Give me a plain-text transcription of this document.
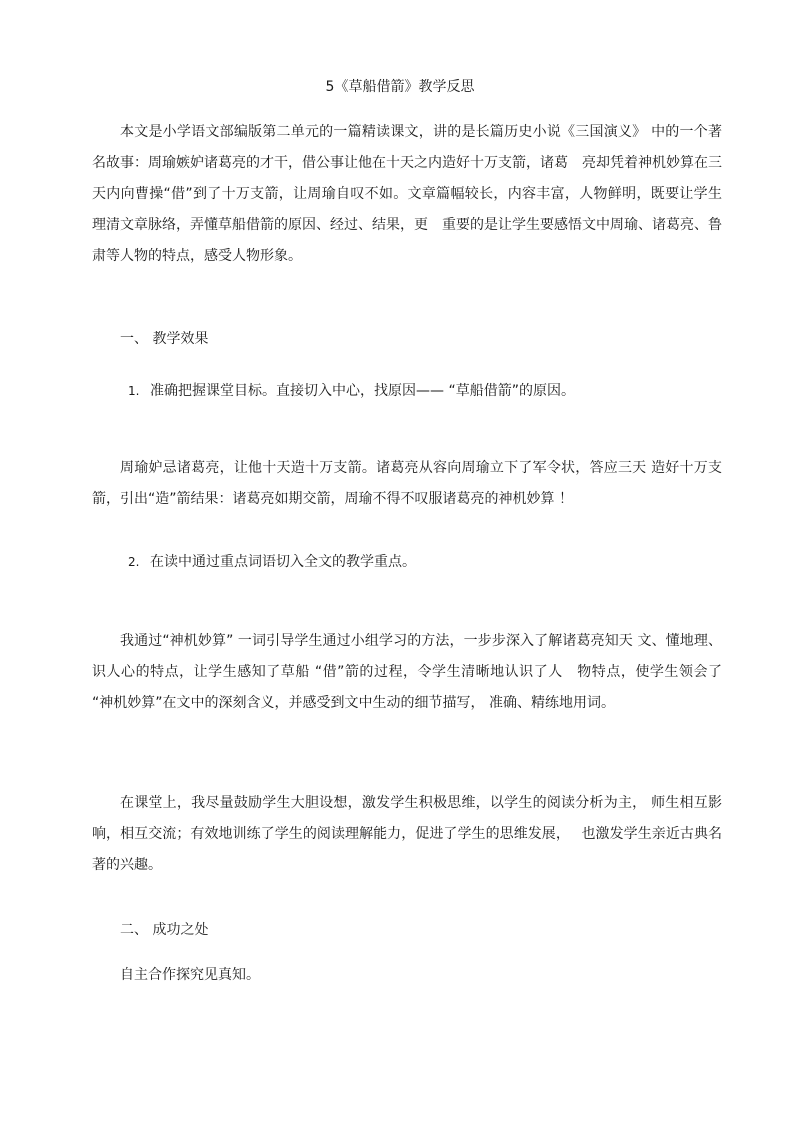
5《草船借箭》教学反思
本文是小学语文部编版第二单元的一篇精读课文，讲的是长篇历史小说《三国演义》 中的一个著名故事：周瑜嫉妒诸葛亮的才干，借公事让他在十天之内造好十万支箭，诸葛　亮却凭着神机妙算在三天内向曹操“借”到了十万支箭，让周瑜自叹不如。文章篇幅较长，内容丰富，人物鲜明，既要让学生理清文章脉络，弄懂草船借箭的原因、经过、结果，更　重要的是让学生要感悟文中周瑜、诸葛亮、鲁肃等人物的特点，感受人物形象。
一、 教学效果
1. 准确把握课堂目标。直接切入中心，找原因—— “草船借箭”的原因。
周瑜妒忌诸葛亮，让他十天造十万支箭。诸葛亮从容向周瑜立下了军令状，答应三天 造好十万支箭，引出“造”箭结果：诸葛亮如期交箭，周瑜不得不叹服诸葛亮的神机妙算 ！
2. 在读中通过重点词语切入全文的教学重点。
我通过“神机妙算” 一词引导学生通过小组学习的方法，一步步深入了解诸葛亮知天 文、懂地理、识人心的特点，让学生感知了草船 “借”箭的过程，令学生清晰地认识了人　物特点，使学生领会了 “神机妙算”在文中的深刻含义，并感受到文中生动的细节描写， 准确、精练地用词。
在课堂上，我尽量鼓励学生大胆设想，激发学生积极思维，以学生的阅读分析为主， 师生相互影响，相互交流；有效地训练了学生的阅读理解能力，促进了学生的思维发展，　 也激发学生亲近古典名著的兴趣。
二、 成功之处
自主合作探究见真知。
